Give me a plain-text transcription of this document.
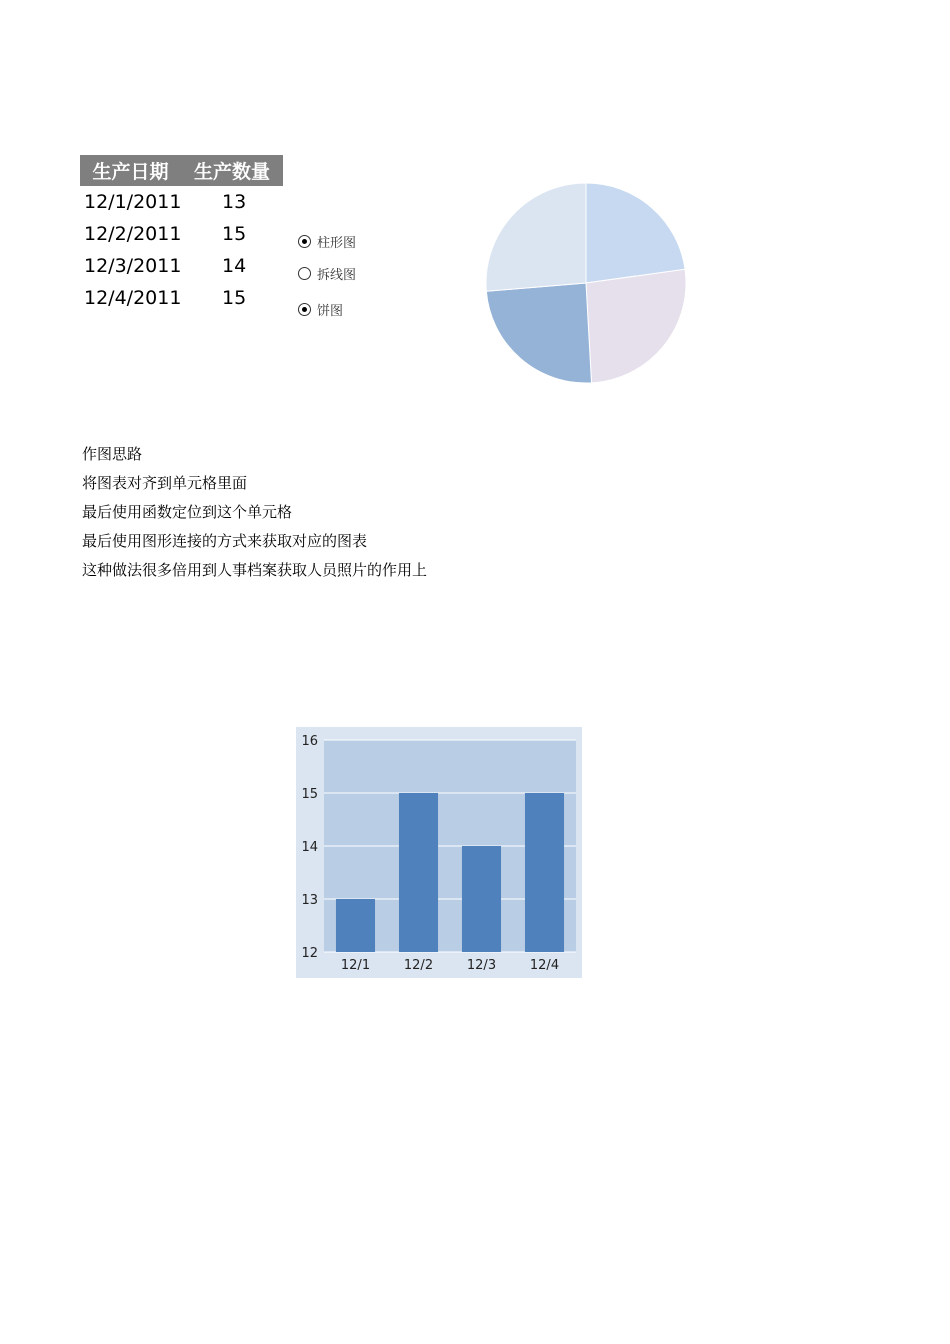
生产日期	生产数量
12/1/2011	13
12/2/2011	15
12/3/2011	14
12/4/2011	15
柱形图
拆线图
饼图
作图思路
将图表对齐到单元格里面
最后使用函数定位到这个单元格
最后使用图形连接的方式来获取对应的图表
这种做法很多倍用到人事档案获取人员照片的作用上
12
13
14
15
16
12/1	12/2	12/3	12/4
